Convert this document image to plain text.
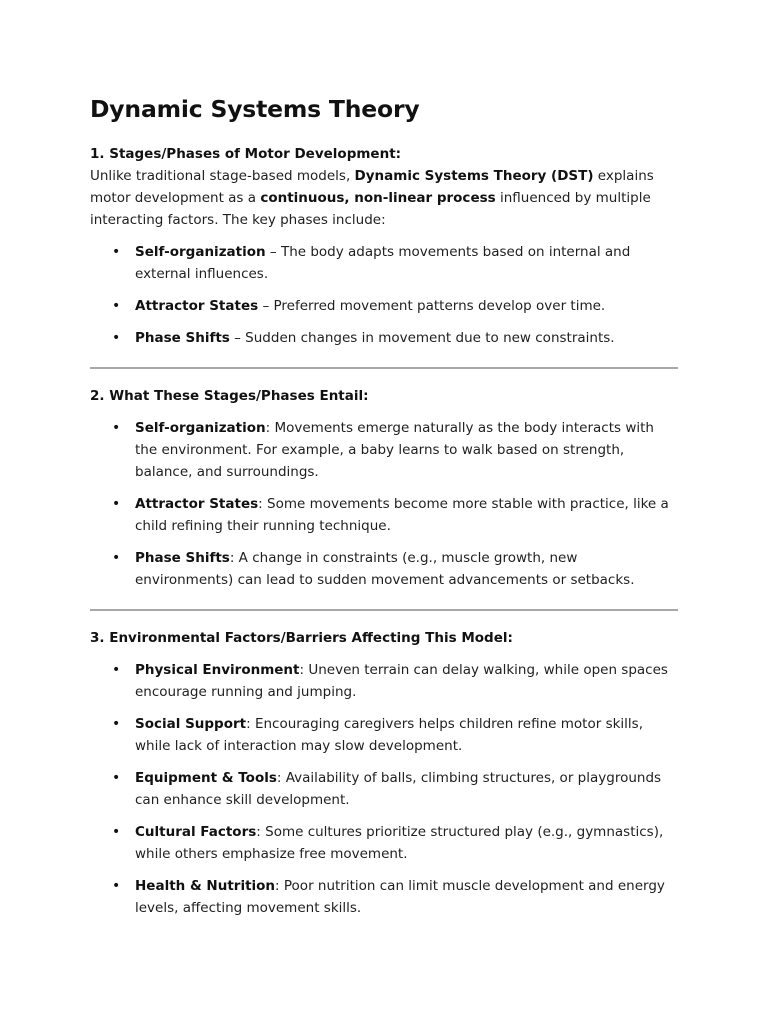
Dynamic Systems Theory

1. Stages/Phases of Motor Development:

Unlike traditional stage-based models, Dynamic Systems Theory (DST) explains motor development as a continuous, non-linear process influenced by multiple interacting factors. The key phases include:

• Self-organization – The body adapts movements based on internal and external influences.
• Attractor States – Preferred movement patterns develop over time.
• Phase Shifts – Sudden changes in movement due to new constraints.

2. What These Stages/Phases Entail:

• Self-organization: Movements emerge naturally as the body interacts with the environment. For example, a baby learns to walk based on strength, balance, and surroundings.
• Attractor States: Some movements become more stable with practice, like a child refining their running technique.
• Phase Shifts: A change in constraints (e.g., muscle growth, new environments) can lead to sudden movement advancements or setbacks.

3. Environmental Factors/Barriers Affecting This Model:

• Physical Environment: Uneven terrain can delay walking, while open spaces encourage running and jumping.
• Social Support: Encouraging caregivers helps children refine motor skills, while lack of interaction may slow development.
• Equipment & Tools: Availability of balls, climbing structures, or playgrounds can enhance skill development.
• Cultural Factors: Some cultures prioritize structured play (e.g., gymnastics), while others emphasize free movement.
• Health & Nutrition: Poor nutrition can limit muscle development and energy levels, affecting movement skills.
